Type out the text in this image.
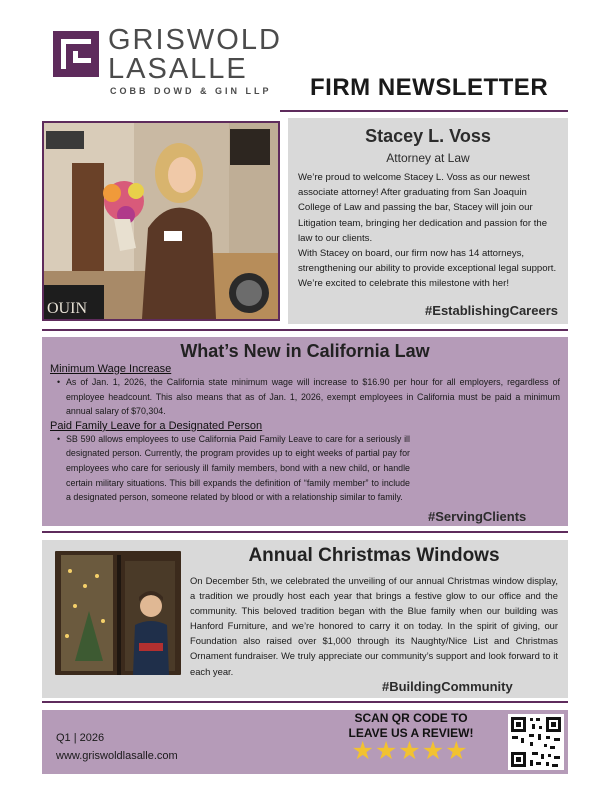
GRISWOLD
LASALLE
COBB DOWD & GIN LLP FIRM NEWSLETTER
OUIN
Stacey L. Voss
Attorney at Law

We’re proud to welcome Stacey L. Voss as our newest associate attorney! After graduating from San Joaquin College of Law and passing the bar, Stacey will join our Litigation team, bringing her dedication and passion for the law to our clients.

With Stacey on board, our firm now has 14 attorneys, strengthening our ability to provide exceptional legal support. We’re excited to celebrate this milestone with her!

#EstablishingCareers
What’s New in California Law
Minimum Wage Increase
• As of Jan. 1, 2026, the California state minimum wage will increase to $16.90 per hour for all employers, regardless of employee headcount. This also means that as of Jan. 1, 2026, exempt employees in California must be paid a minimum annual salary of $70,304.
Paid Family Leave for a Designated Person
• SB 590 allows employees to use California Paid Family Leave to care for a seriously ill designated person. Currently, the program provides up to eight weeks of partial pay for employees who care for seriously ill family members, bond with a new child, or handle certain military situations. This bill expands the definition of “family member” to include a designated person, someone related by blood or with a relationship similar to family.
#ServingClients
Annual Christmas Windows
On December 5th, we celebrated the unveiling of our annual Christmas window display, a tradition we proudly host each year that brings a festive glow to our office and the community. This beloved tradition began with the Blue family when our building was Hanford Furniture, and we’re honored to carry it on today. In the spirit of giving, our Foundation also raised over $1,000 through its Naughty/Nice List and Christmas Ornament fundraiser. We truly appreciate our community’s support and look forward to it each year.
#BuildingCommunity
Q1 | 2026
www.griswoldlasalle.com
SCAN QR CODE TO
LEAVE US A REVIEW!
★★★★★
